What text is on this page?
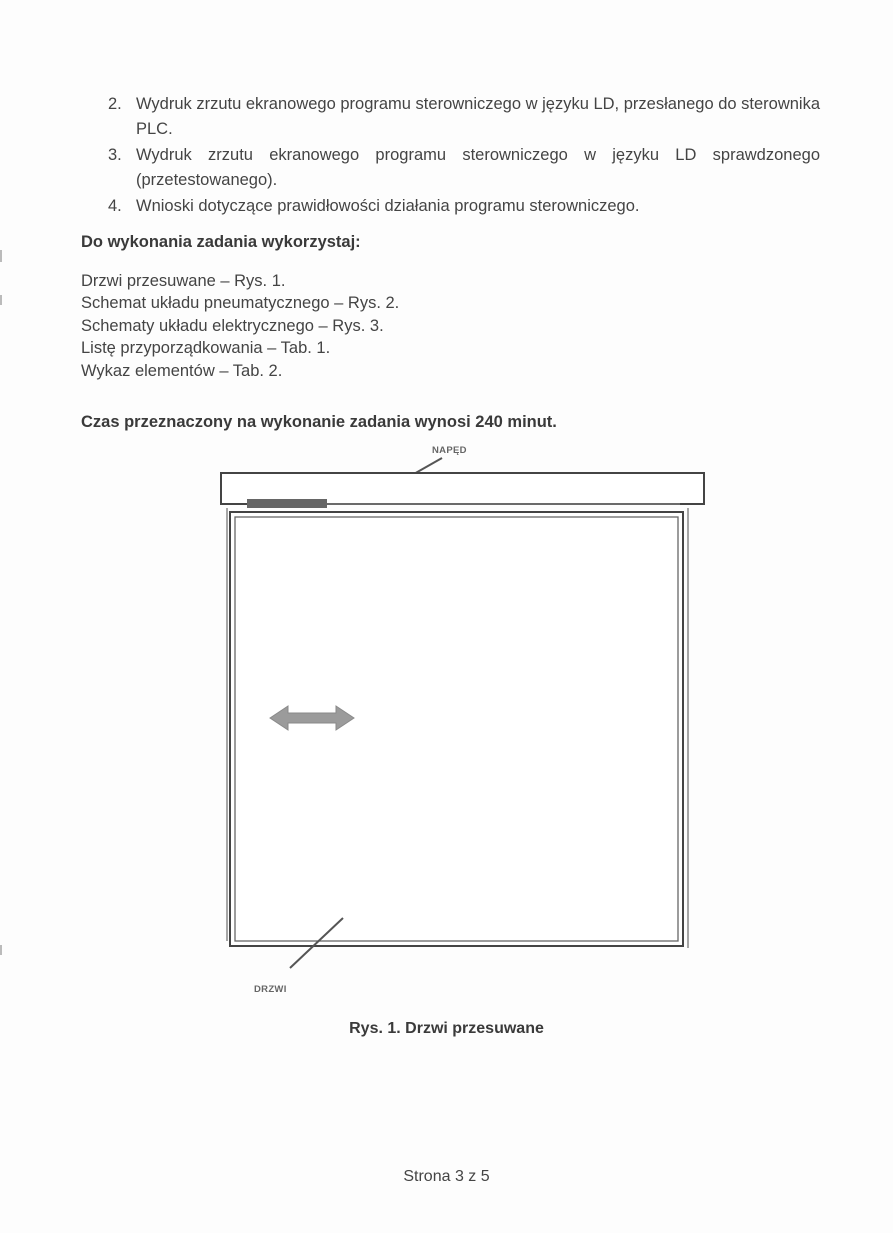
2. Wydruk zrzutu ekranowego programu sterowniczego w języku LD, przesłanego do sterownika PLC.
3. Wydruk zrzutu ekranowego programu sterowniczego w języku LD sprawdzonego (przetestowanego).
4. Wnioski dotyczące prawidłowości działania programu sterowniczego.
Do wykonania zadania wykorzystaj:
Drzwi przesuwane – Rys. 1.
Schemat układu pneumatycznego – Rys. 2.
Schematy układu elektrycznego – Rys. 3.
Listę przyporządkowania – Tab. 1.
Wykaz elementów – Tab. 2.
Czas przeznaczony na wykonanie zadania wynosi 240 minut.
NAPĘD
DRZWI
Rys. 1. Drzwi przesuwane
Strona 3 z 5
